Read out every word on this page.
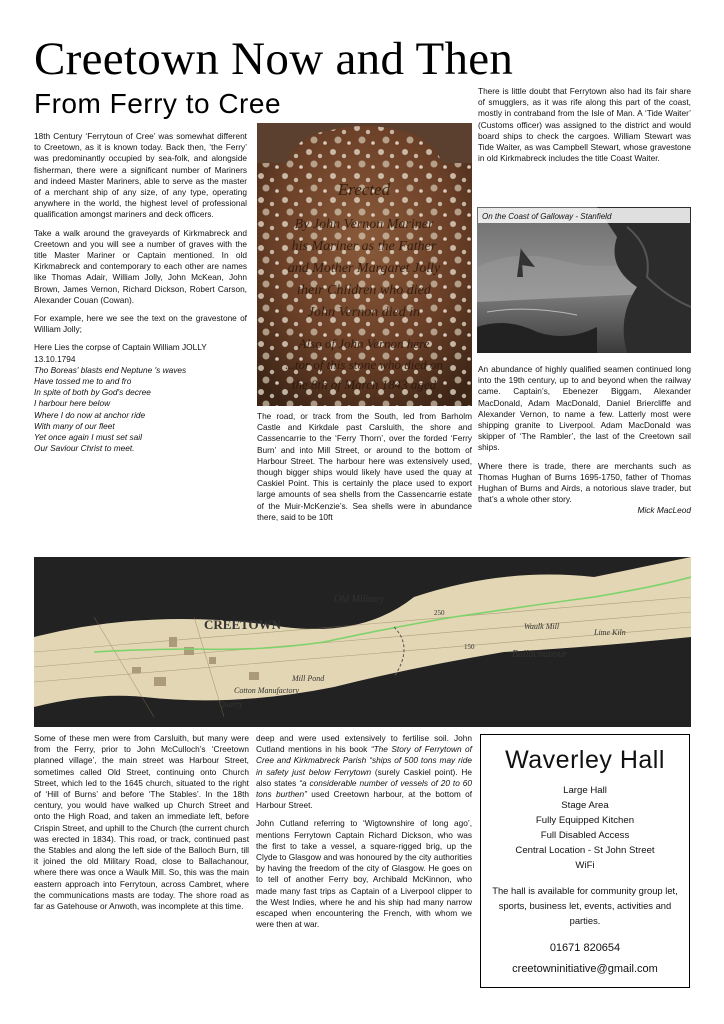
Creetown Now and Then
From Ferry to Cree

18th Century ‘Ferrytoun of Cree’ was somewhat different to Creetown, as it is known today. Back then, ‘the Ferry’ was predominantly occupied by sea-folk, and alongside fisherman, there were a significant number of Mariners and indeed Master Mariners, able to serve as the master of a merchant ship of any size, of any type, operating anywhere in the world, the highest level of professional qualification amongst mariners and deck officers.

Take a walk around the graveyards of Kirkmabreck and Creetown and you will see a number of graves with the title Master Mariner or Captain mentioned. In old Kirkmabreck and contemporary to each other are names like Thomas Adair, William Jolly, John McKean, John Brown, James Vernon, Richard Dickson, Robert Carson, Alexander Couan (Cowan).

For example, here we see the text on the gravestone of William Jolly;

Here Lies the corpse of Captain William JOLLY
13.10.1794
Tho Boreas' blasts end Neptune 's waves
Have tossed me to and fro
In spite of both by God's decree
I harbour here below
Where I do now at anchor ride
With many of our fleet
Yet once again I must set sail
Our Saviour Christ to meet.
Erected
By John Vernon Mariner
his Mariner as the Father
and Mother Margaret Jolly
their Children who died
John Vernon died in
Also of John Vernon here
...tor of this stone who died on
the 8th of March 1843 aged
The road, or track from the South, led from Barholm Castle and Kirkdale past Carsluith, the shore and Cassencarrie to the ‘Ferry Thorn’, over the forded ‘Ferry Burn’ and into Mill Street, or around to the bottom of Harbour Street. The harbour here was extensively used, though bigger ships would likely have used the quay at Caskiel Point. This is certainly the place used to export large amounts of sea shells from the Cassencarrie estate of the Muir-McKenzie’s. Sea shells were in abundance there, said to be 10ft
There is little doubt that Ferrytown also had its fair share of smugglers, as it was rife along this part of the coast, mostly in contraband from the Isle of Man. A ‘Tide Waiter’ (Customs officer) was assigned to the district and would board ships to check the cargoes. William Stewart was Tide Waiter, as was Campbell Stewart, whose gravestone in old Kirkmabreck includes the title Coast Waiter.
On the Coast of Galloway - Stanfield

An abundance of highly qualified seamen continued long into the 19th century, up to and beyond when the railway came. Captain’s, Ebenezer Biggam, Alexander MacDonald, Adam MacDonald, Daniel Briercliffe and Alexander Vernon, to name a few. Latterly most were shipping granite to Liverpool. Adam MacDonald was skipper of ‘The Rambler’, the last of the Creetown sail ships.

Where there is trade, there are merchants such as Thomas Hughan of Burns 1695-1750, father of Thomas Hughan of Burns and Airds, a notorious slave trader, but that’s a whole other story.

Mick MacLeod
CREETOWN
Old Military
Mill Pond
Cotton Manufactory
Quarry
Ballachanour
Waulk Mill
Lime Kiln
250
150
Some of these men were from Carsluith, but many were from the Ferry, prior to John McCulloch’s ‘Creetown planned village’, the main street was Harbour Street, sometimes called Old Street, continuing onto Church Street, which led to the 1645 church, situated to the right of ‘Hill of Burns’ and before ‘The Stables’. In the 18th century, you would have walked up Church Street and onto the High Road, and taken an immediate left, before Crispin Street, and uphill to the Church (the current church was erected in 1834). This road, or track, continued past the Stables and along the left side of the Balloch Burn, till it joined the old Military Road, close to Ballachanour, where there was once a Waulk Mill. So, this was the main eastern approach into Ferrytoun, across Cambret, where the communications masts are today. The shore road as far as Gatehouse or Anwoth, was incomplete at this time.

deep and were used extensively to fertilise soil. John Cutland mentions in his book “The Story of Ferrytown of Cree and Kirkmabreck Parish “ships of 500 tons may ride in safety just below Ferrytown (surely Caskiel point). He also states “a considerable number of vessels of 20 to 60 tons burthen” used Creetown harbour, at the bottom of Harbour Street.

John Cutland referring to ‘Wigtownshire of long ago’, mentions Ferrytown Captain Richard Dickson, who was the first to take a vessel, a square-rigged brig, up the Clyde to Glasgow and was honoured by the city authorities by having the freedom of the city of Glasgow. He goes on to tell of another Ferry boy, Archibald McKinnon, who made many fast trips as Captain of a Liverpool clipper to the West Indies, where he and his ship had many narrow escaped when encountering the French, with whom we were then at war.

Waverley Hall
Large Hall
Stage Area
Fully Equipped Kitchen
Full Disabled Access
Central Location - St John Street
WiFi
The hall is available for community group let, sports, business let, events, activities and parties.
01671 820654
creetowninitiative@gmail.com
